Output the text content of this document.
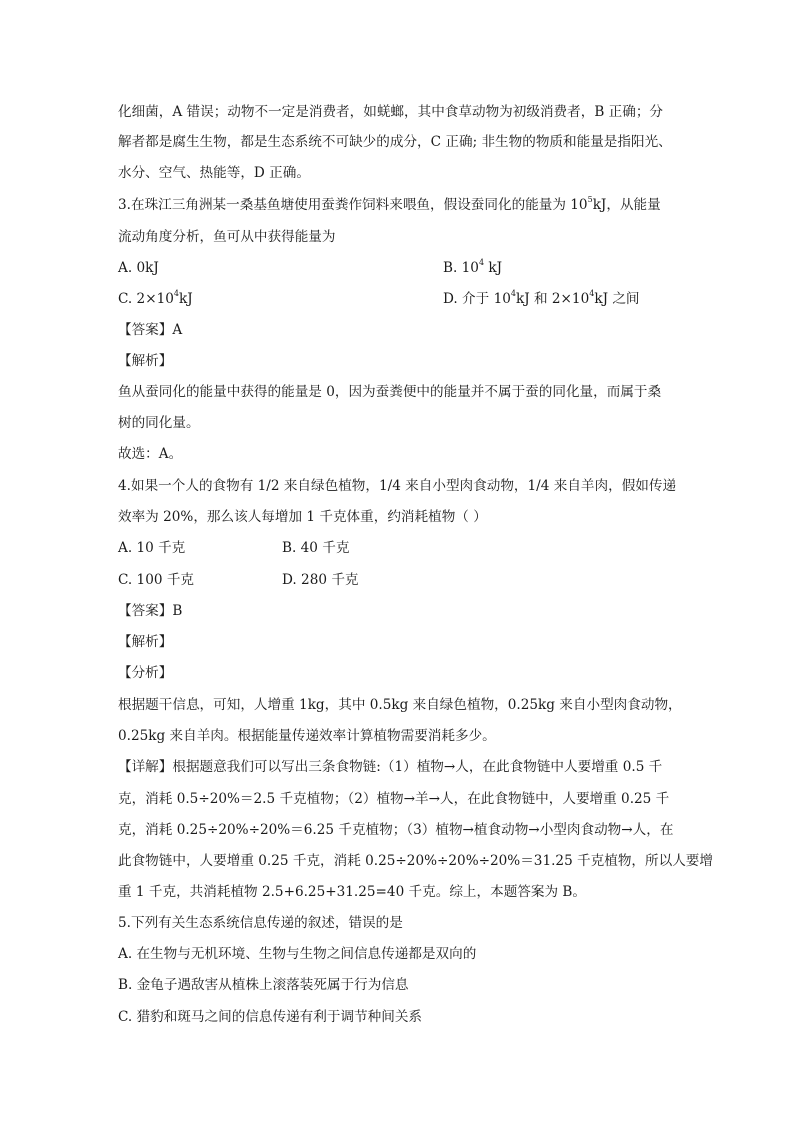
化细菌，A 错误；动物不一定是消费者，如蜣螂，其中食草动物为初级消费者，B 正确；分
解者都是腐生生物，都是生态系统不可缺少的成分，C 正确; 非生物的物质和能量是指阳光、
水分、空气、热能等，D 正确。
3.在珠江三角洲某一桑基鱼塘使用蚕粪作饲料来喂鱼，假设蚕同化的能量为 $10^5kJ$，从能量
流动角度分析，鱼可从中获得能量为
A. 0kJ	B. $10^4$ kJ
C. $2\times 10^4kJ$	D. 介于 $10^4kJ$ 和 $2\times 10^4kJ$ 之间
【答案】A
【解析】
鱼从蚕同化的能量中获得的能量是 0，因为蚕粪便中的能量并不属于蚕的同化量，而属于桑
树的同化量。
故选：A。
4.如果一个人的食物有 1/2 来自绿色植物，1/4 来自小型肉食动物，1/4 来自羊肉，假如传递
效率为 20%，那么该人每增加 1 千克体重，约消耗植物（ ）
A. 10 千克	B. 40 千克
C. 100 千克	D. 280 千克
【答案】B
【解析】
【分析】
根据题干信息，可知，人增重 1kg，其中 0.5kg 来自绿色植物，0.25kg 来自小型肉食动物，
0.25kg 来自羊肉。根据能量传递效率计算植物需要消耗多少。
【详解】根据题意我们可以写出三条食物链:（1）植物→人，在此食物链中人要增重 0.5 千
克，消耗 0.5÷20%＝2.5 千克植物；（2）植物→羊→人，在此食物链中，人要增重 0.25 千
克，消耗 0.25÷20%÷20%＝6.25 千克植物；（3）植物→植食动物→小型肉食动物→人，在
此食物链中，人要增重 0.25 千克，消耗 0.25÷20%÷20%÷20%＝31.25 千克植物，所以人要增
重 1 千克，共消耗植物 2.5+6.25+31.25=40 千克。综上，本题答案为 B。
5.下列有关生态系统信息传递的叙述，错误的是
A. 在生物与无机环境、生物与生物之间信息传递都是双向的
B. 金龟子遇敌害从植株上滚落装死属于行为信息
C. 猎豹和斑马之间的信息传递有利于调节种间关系
